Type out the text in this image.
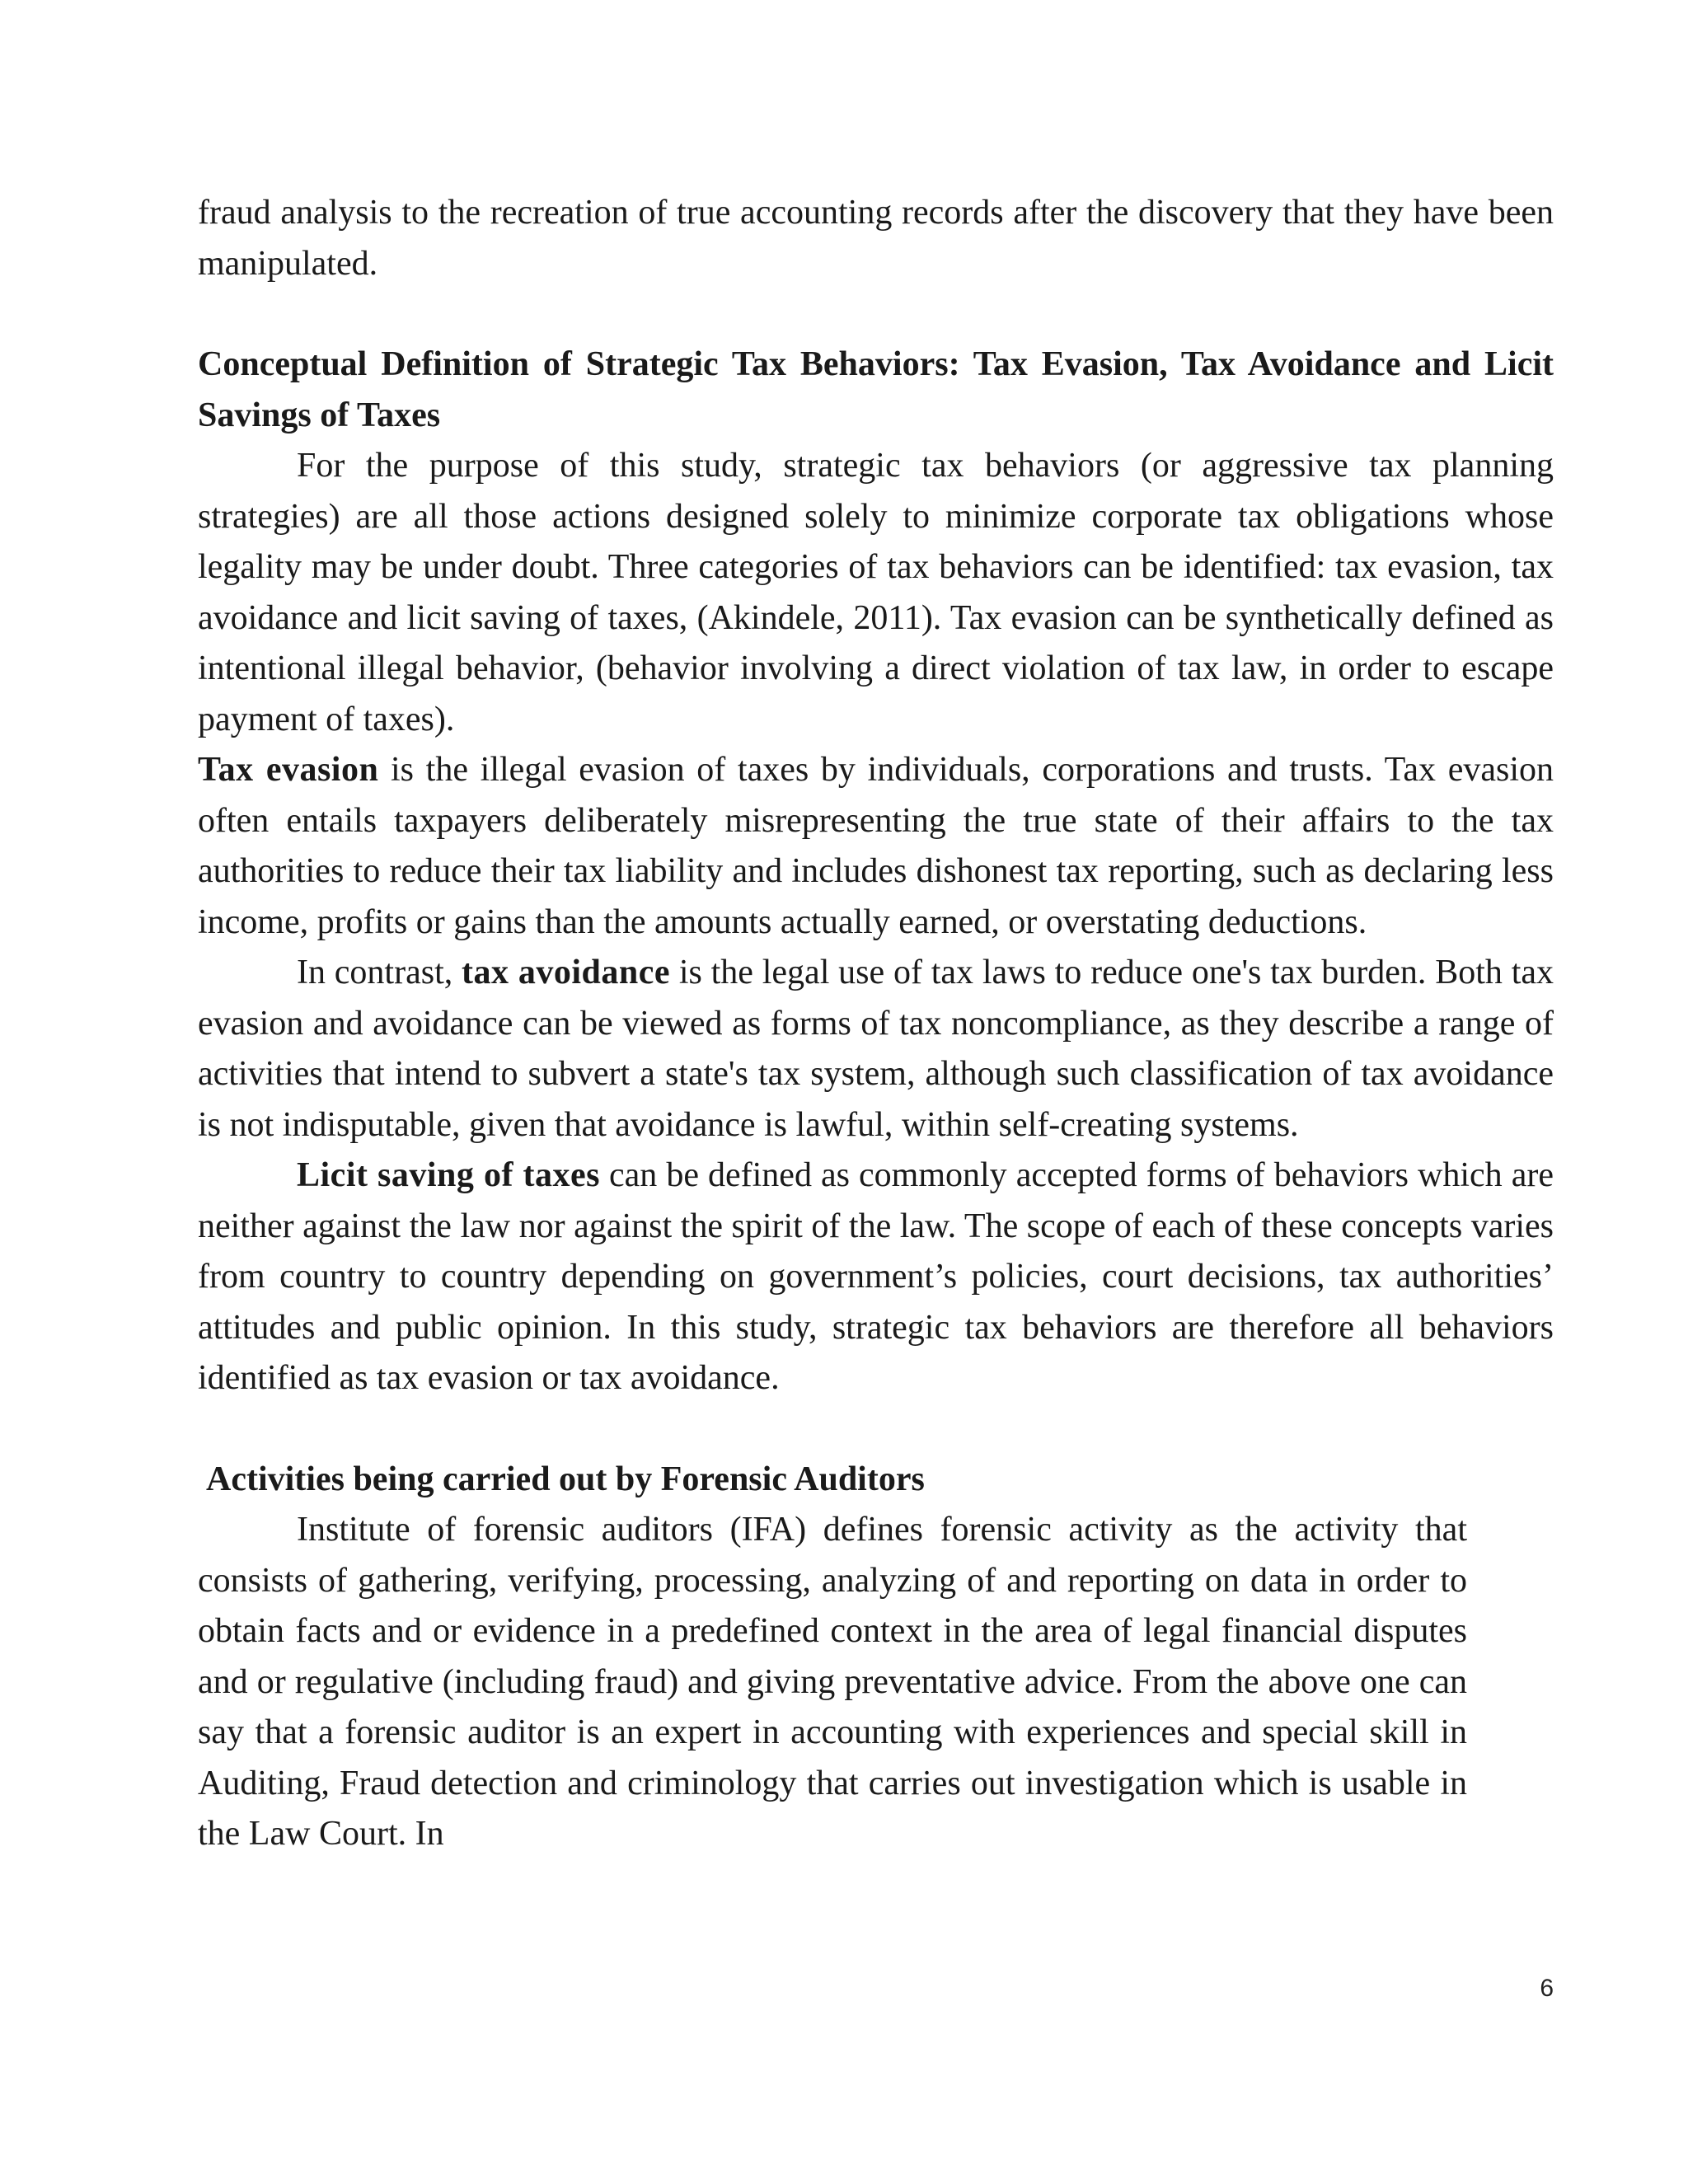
fraud analysis to the recreation of true accounting records after the discovery that they have been manipulated.

Conceptual Definition of Strategic Tax Behaviors: Tax Evasion, Tax Avoidance and Licit Savings of Taxes

For the purpose of this study, strategic tax behaviors (or aggressive tax planning strategies) are all those actions designed solely to minimize corporate tax obligations whose legality may be under doubt. Three categories of tax behaviors can be identified: tax evasion, tax avoidance and licit saving of taxes, (Akindele, 2011). Tax evasion can be synthetically defined as intentional illegal behavior, (behavior involving a direct violation of tax law, in order to escape payment of taxes).

Tax evasion is the illegal evasion of taxes by individuals, corporations and trusts. Tax evasion often entails taxpayers deliberately misrepresenting the true state of their affairs to the tax authorities to reduce their tax liability and includes dishonest tax reporting, such as declaring less income, profits or gains than the amounts actually earned, or overstating deductions.

In contrast, tax avoidance is the legal use of tax laws to reduce one's tax burden. Both tax evasion and avoidance can be viewed as forms of tax noncompliance, as they describe a range of activities that intend to subvert a state's tax system, although such classification of tax avoidance is not indisputable, given that avoidance is lawful, within self-creating systems.

Licit saving of taxes can be defined as commonly accepted forms of behaviors which are neither against the law nor against the spirit of the law. The scope of each of these concepts varies from country to country depending on government’s policies, court decisions, tax authorities’ attitudes and public opinion. In this study, strategic tax behaviors are therefore all behaviors identified as tax evasion or tax avoidance.

Activities being carried out by Forensic Auditors

Institute of forensic auditors (IFA) defines forensic activity as the activity that consists of gathering, verifying, processing, analyzing of and reporting on data in order to obtain facts and or evidence in a predefined context in the area of legal financial disputes and or regulative (including fraud) and giving preventative advice. From the above one can say that a forensic auditor is an expert in accounting with experiences and special skill in Auditing, Fraud detection and criminology that carries out investigation which is usable in the Law Court. In

6
